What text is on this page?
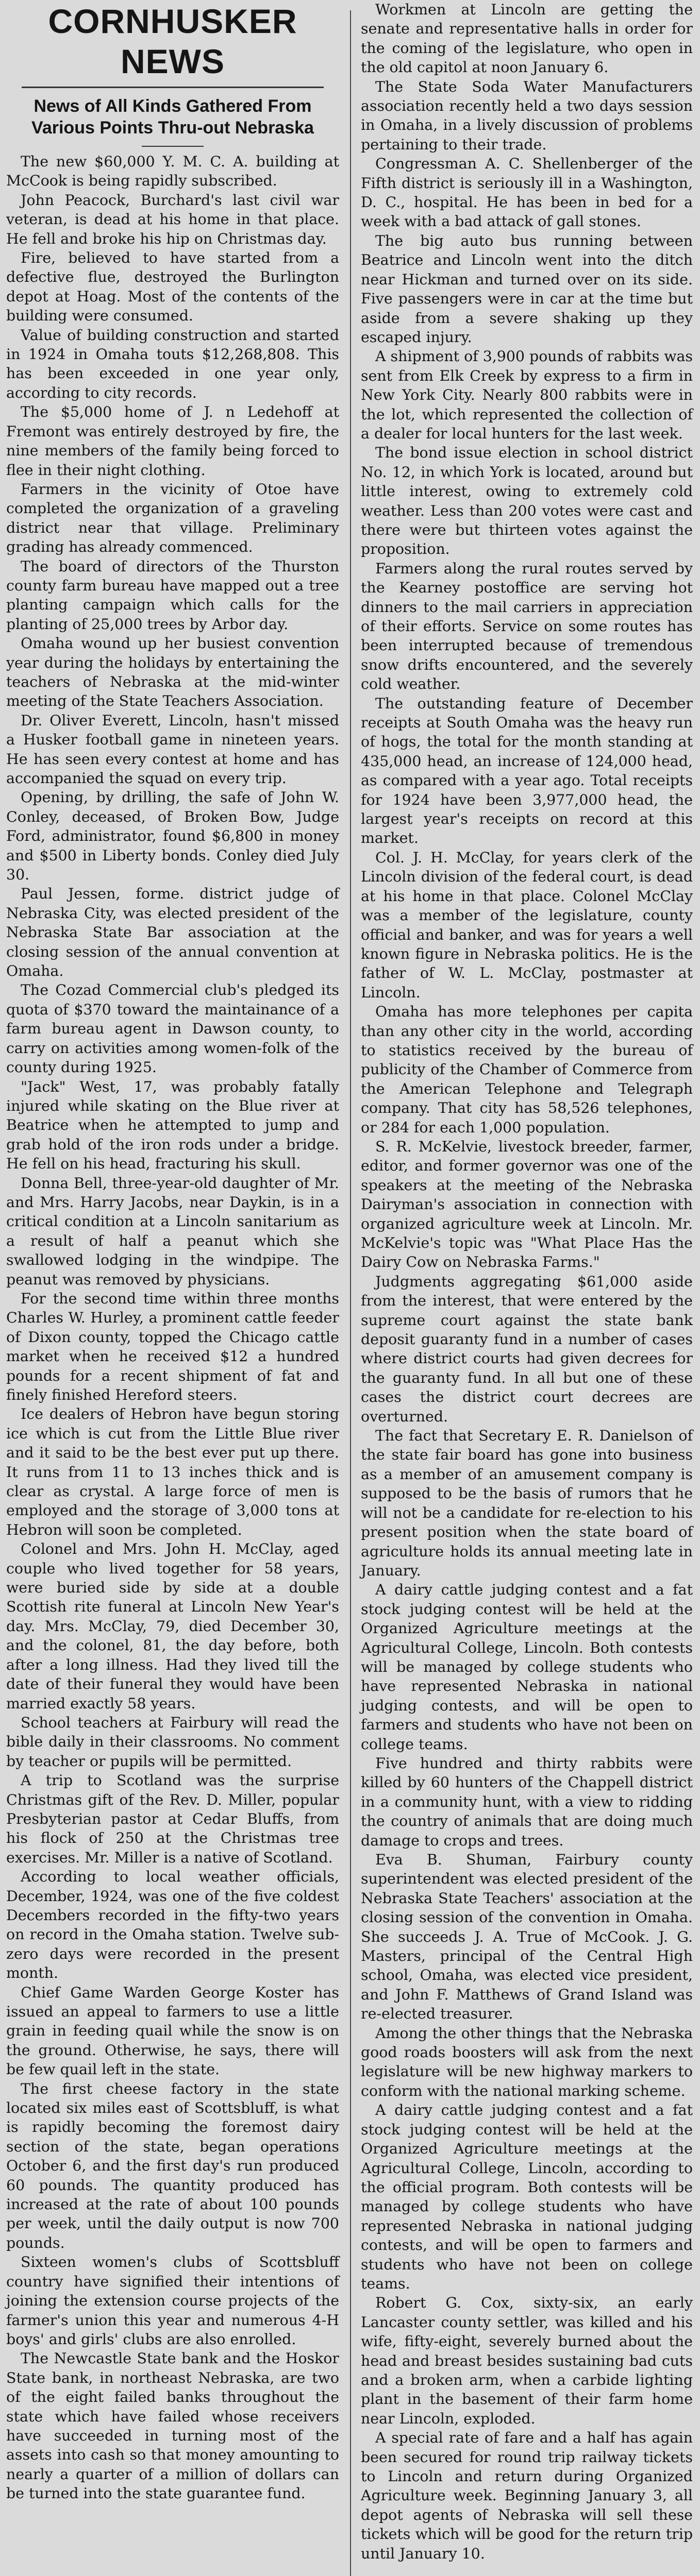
CORNHUSKER NEWS
News of All Kinds Gathered From Various Points Thru-out Nebraska

The new $60,000 Y. M. C. A. building at McCook is being rapidly subscribed.

John Peacock, Burchard's last civil war veteran, is dead at his home in that place. He fell and broke his hip on Christmas day.

Fire, believed to have started from a defective flue, destroyed the Burlington depot at Hoag. Most of the contents of the building were consumed.

Value of building construction and started in 1924 in Omaha touts $12,268,808. This has been exceeded in one year only, according to city records.

The $5,000 home of J. n Ledehoff at Fremont was entirely destroyed by fire, the nine members of the family being forced to flee in their night clothing.

Farmers in the vicinity of Otoe have completed the organization of a graveling district near that village. Preliminary grading has already commenced.

The board of directors of the Thurston county farm bureau have mapped out a tree planting campaign which calls for the planting of 25,000 trees by Arbor day.

Omaha wound up her busiest convention year during the holidays by entertaining the teachers of Nebraska at the mid-winter meeting of the State Teachers Association.

Dr. Oliver Everett, Lincoln, hasn't missed a Husker football game in nineteen years. He has seen every contest at home and has accompanied the squad on every trip.

Opening, by drilling, the safe of John W. Conley, deceased, of Broken Bow, Judge Ford, administrator, found $6,800 in money and $500 in Liberty bonds. Conley died July 30.

Paul Jessen, forme. district judge of Nebraska City, was elected president of the Nebraska State Bar association at the closing session of the annual convention at Omaha.

The Cozad Commercial club's pledged its quota of $370 toward the maintainance of a farm bureau agent in Dawson county, to carry on activities among women-folk of the county during 1925.

"Jack" West, 17, was probably fatally injured while skating on the Blue river at Beatrice when he attempted to jump and grab hold of the iron rods under a bridge. He fell on his head, fracturing his skull.

Donna Bell, three-year-old daughter of Mr. and Mrs. Harry Jacobs, near Daykin, is in a critical condition at a Lincoln sanitarium as a result of half a peanut which she swallowed lodging in the windpipe. The peanut was removed by physicians.

For the second time within three months Charles W. Hurley, a prominent cattle feeder of Dixon county, topped the Chicago cattle market when he received $12 a hundred pounds for a recent shipment of fat and finely finished Hereford steers.

Ice dealers of Hebron have begun storing ice which is cut from the Little Blue river and it said to be the best ever put up there. It runs from 11 to 13 inches thick and is clear as crystal. A large force of men is employed and the storage of 3,000 tons at Hebron will soon be completed.

Colonel and Mrs. John H. McClay, aged couple who lived together for 58 years, were buried side by side at a double Scottish rite funeral at Lincoln New Year's day. Mrs. McClay, 79, died December 30, and the colonel, 81, the day before, both after a long illness. Had they lived till the date of their funeral they would have been married exactly 58 years.

School teachers at Fairbury will read the bible daily in their classrooms. No comment by teacher or pupils will be permitted.

A trip to Scotland was the surprise Christmas gift of the Rev. D. Miller, popular Presbyterian pastor at Cedar Bluffs, from his flock of 250 at the Christmas tree exercises. Mr. Miller is a native of Scotland.

According to local weather officials, December, 1924, was one of the five coldest Decembers recorded in the fifty-two years on record in the Omaha station. Twelve sub-zero days were recorded in the present month.

Chief Game Warden George Koster has issued an appeal to farmers to use a little grain in feeding quail while the snow is on the ground. Otherwise, he says, there will be few quail left in the state.

The first cheese factory in the state located six miles east of Scottsbluff, is what is rapidly becoming the foremost dairy section of the state, began operations October 6, and the first day's run produced 60 pounds. The quantity produced has increased at the rate of about 100 pounds per week, until the daily output is now 700 pounds.

Sixteen women's clubs of Scottsbluff country have signified their intentions of joining the extension course projects of the farmer's union this year and numerous 4-H boys' and girls' clubs are also enrolled.

The Newcastle State bank and the Hoskor State bank, in northeast Nebraska, are two of the eight failed banks throughout the state which have failed whose receivers have succeeded in turning most of the assets into cash so that money amounting to nearly a quarter of a million of dollars can be turned into the state guarantee fund.

Workmen at Lincoln are getting the senate and representative halls in order for the coming of the legislature, who open in the old capitol at noon January 6.

The State Soda Water Manufacturers association recently held a two days session in Omaha, in a lively discussion of problems pertaining to their trade.

Congressman A. C. Shellenberger of the Fifth district is seriously ill in a Washington, D. C., hospital. He has been in bed for a week with a bad attack of gall stones.

The big auto bus running between Beatrice and Lincoln went into the ditch near Hickman and turned over on its side. Five passengers were in car at the time but aside from a severe shaking up they escaped injury.

A shipment of 3,900 pounds of rabbits was sent from Elk Creek by express to a firm in New York City. Nearly 800 rabbits were in the lot, which represented the collection of a dealer for local hunters for the last week.

The bond issue election in school district No. 12, in which York is located, around but little interest, owing to extremely cold weather. Less than 200 votes were cast and there were but thirteen votes against the proposition.

Farmers along the rural routes served by the Kearney postoffice are serving hot dinners to the mail carriers in appreciation of their efforts. Service on some routes has been interrupted because of tremendous snow drifts encountered, and the severely cold weather.

The outstanding feature of December receipts at South Omaha was the heavy run of hogs, the total for the month standing at 435,000 head, an increase of 124,000 head, as compared with a year ago. Total receipts for 1924 have been 3,977,000 head, the largest year's receipts on record at this market.

Col. J. H. McClay, for years clerk of the Lincoln division of the federal court, is dead at his home in that place. Colonel McClay was a member of the legislature, county official and banker, and was for years a well known figure in Nebraska politics. He is the father of W. L. McClay, postmaster at Lincoln.

Omaha has more telephones per capita than any other city in the world, according to statistics received by the bureau of publicity of the Chamber of Commerce from the American Telephone and Telegraph company. That city has 58,526 telephones, or 284 for each 1,000 population.

S. R. McKelvie, livestock breeder, farmer, editor, and former governor was one of the speakers at the meeting of the Nebraska Dairyman's association in connection with organized agriculture week at Lincoln. Mr. McKelvie's topic was "What Place Has the Dairy Cow on Nebraska Farms."

Judgments aggregating $61,000 aside from the interest, that were entered by the supreme court against the state bank deposit guaranty fund in a number of cases where district courts had given decrees for the guaranty fund. In all but one of these cases the district court decrees are overturned.

The fact that Secretary E. R. Danielson of the state fair board has gone into business as a member of an amusement company is supposed to be the basis of rumors that he will not be a candidate for re-election to his present position when the state board of agriculture holds its annual meeting late in January.

A dairy cattle judging contest and a fat stock judging contest will be held at the Organized Agriculture meetings at the Agricultural College, Lincoln. Both contests will be managed by college students who have represented Nebraska in national judging contests, and will be open to farmers and students who have not been on college teams.

Five hundred and thirty rabbits were killed by 60 hunters of the Chappell district in a community hunt, with a view to ridding the country of animals that are doing much damage to crops and trees.

Eva B. Shuman, Fairbury county superintendent was elected president of the Nebraska State Teachers' association at the closing session of the convention in Omaha. She succeeds J. A. True of McCook. J. G. Masters, principal of the Central High school, Omaha, was elected vice president, and John F. Matthews of Grand Island was re-elected treasurer.

Among the other things that the Nebraska good roads boosters will ask from the next legislature will be new highway markers to conform with the national marking scheme.

A dairy cattle judging contest and a fat stock judging contest will be held at the Organized Agriculture meetings at the Agricultural College, Lincoln, according to the official program. Both contests will be managed by college students who have represented Nebraska in national judging contests, and will be open to farmers and students who have not been on college teams.

Robert G. Cox, sixty-six, an early Lancaster county settler, was killed and his wife, fifty-eight, severely burned about the head and breast besides sustaining bad cuts and a broken arm, when a carbide lighting plant in the basement of their farm home near Lincoln, exploded.

A special rate of fare and a half has again been secured for round trip railway tickets to Lincoln and return during Organized Agriculture week. Beginning January 3, all depot agents of Nebraska will sell these tickets which will be good for the return trip until January 10.
